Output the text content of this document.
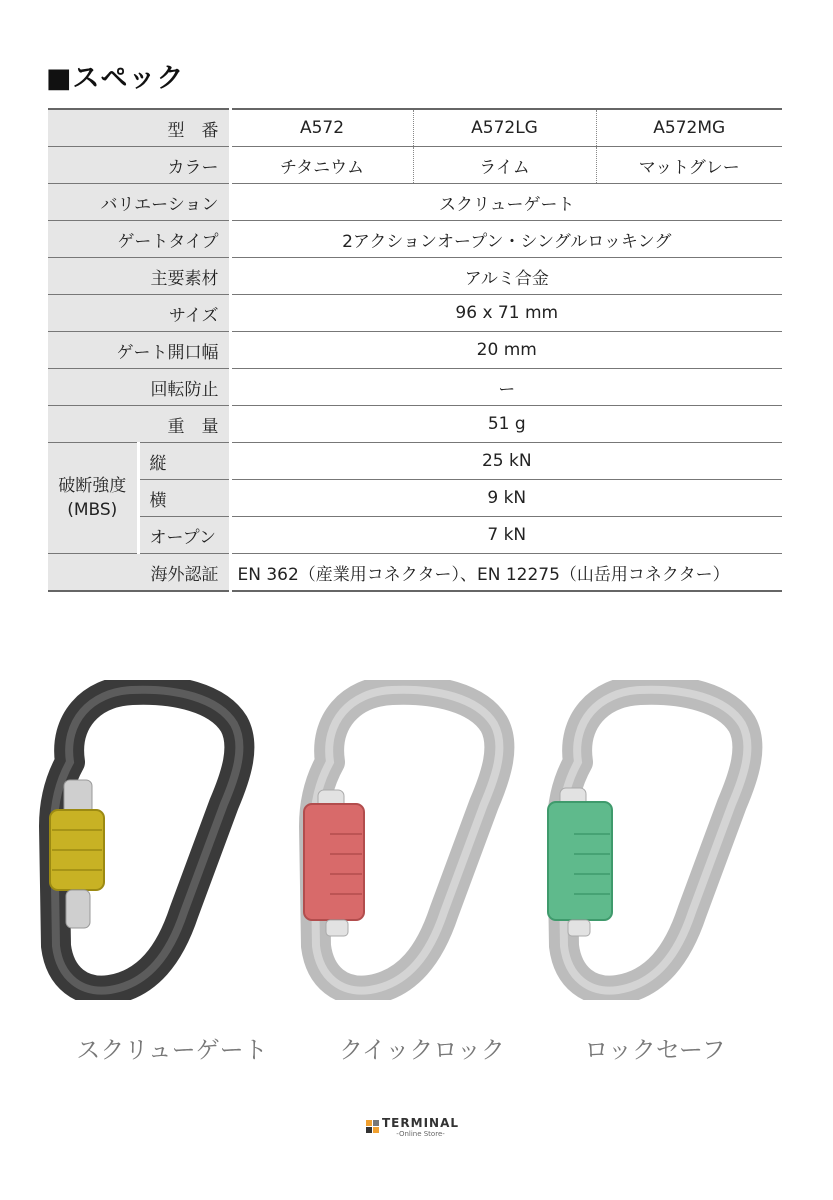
■スペック
型　番		A572	A572LG	A572MG
カラー		チタニウム	ライム	マットグレー
バリエーション		スクリューゲート		
ゲートタイプ		2アクションオープン・シングルロッキング		
主要素材		アルミ合金		
サイズ		96 x 71 mm		
ゲート開口幅		20 mm		
回転防止		ー		
重　量		51 g		

破断強度
(MBS)	縦	25 kN		
	横	9 kN		
	オープン	7 kN		
海外認証		EN 362（産業用コネクター）、EN 12275（山岳用コネクター）		
スクリューゲート	クイックロック	ロックセーフ
TERMINAL
-Online Store-
